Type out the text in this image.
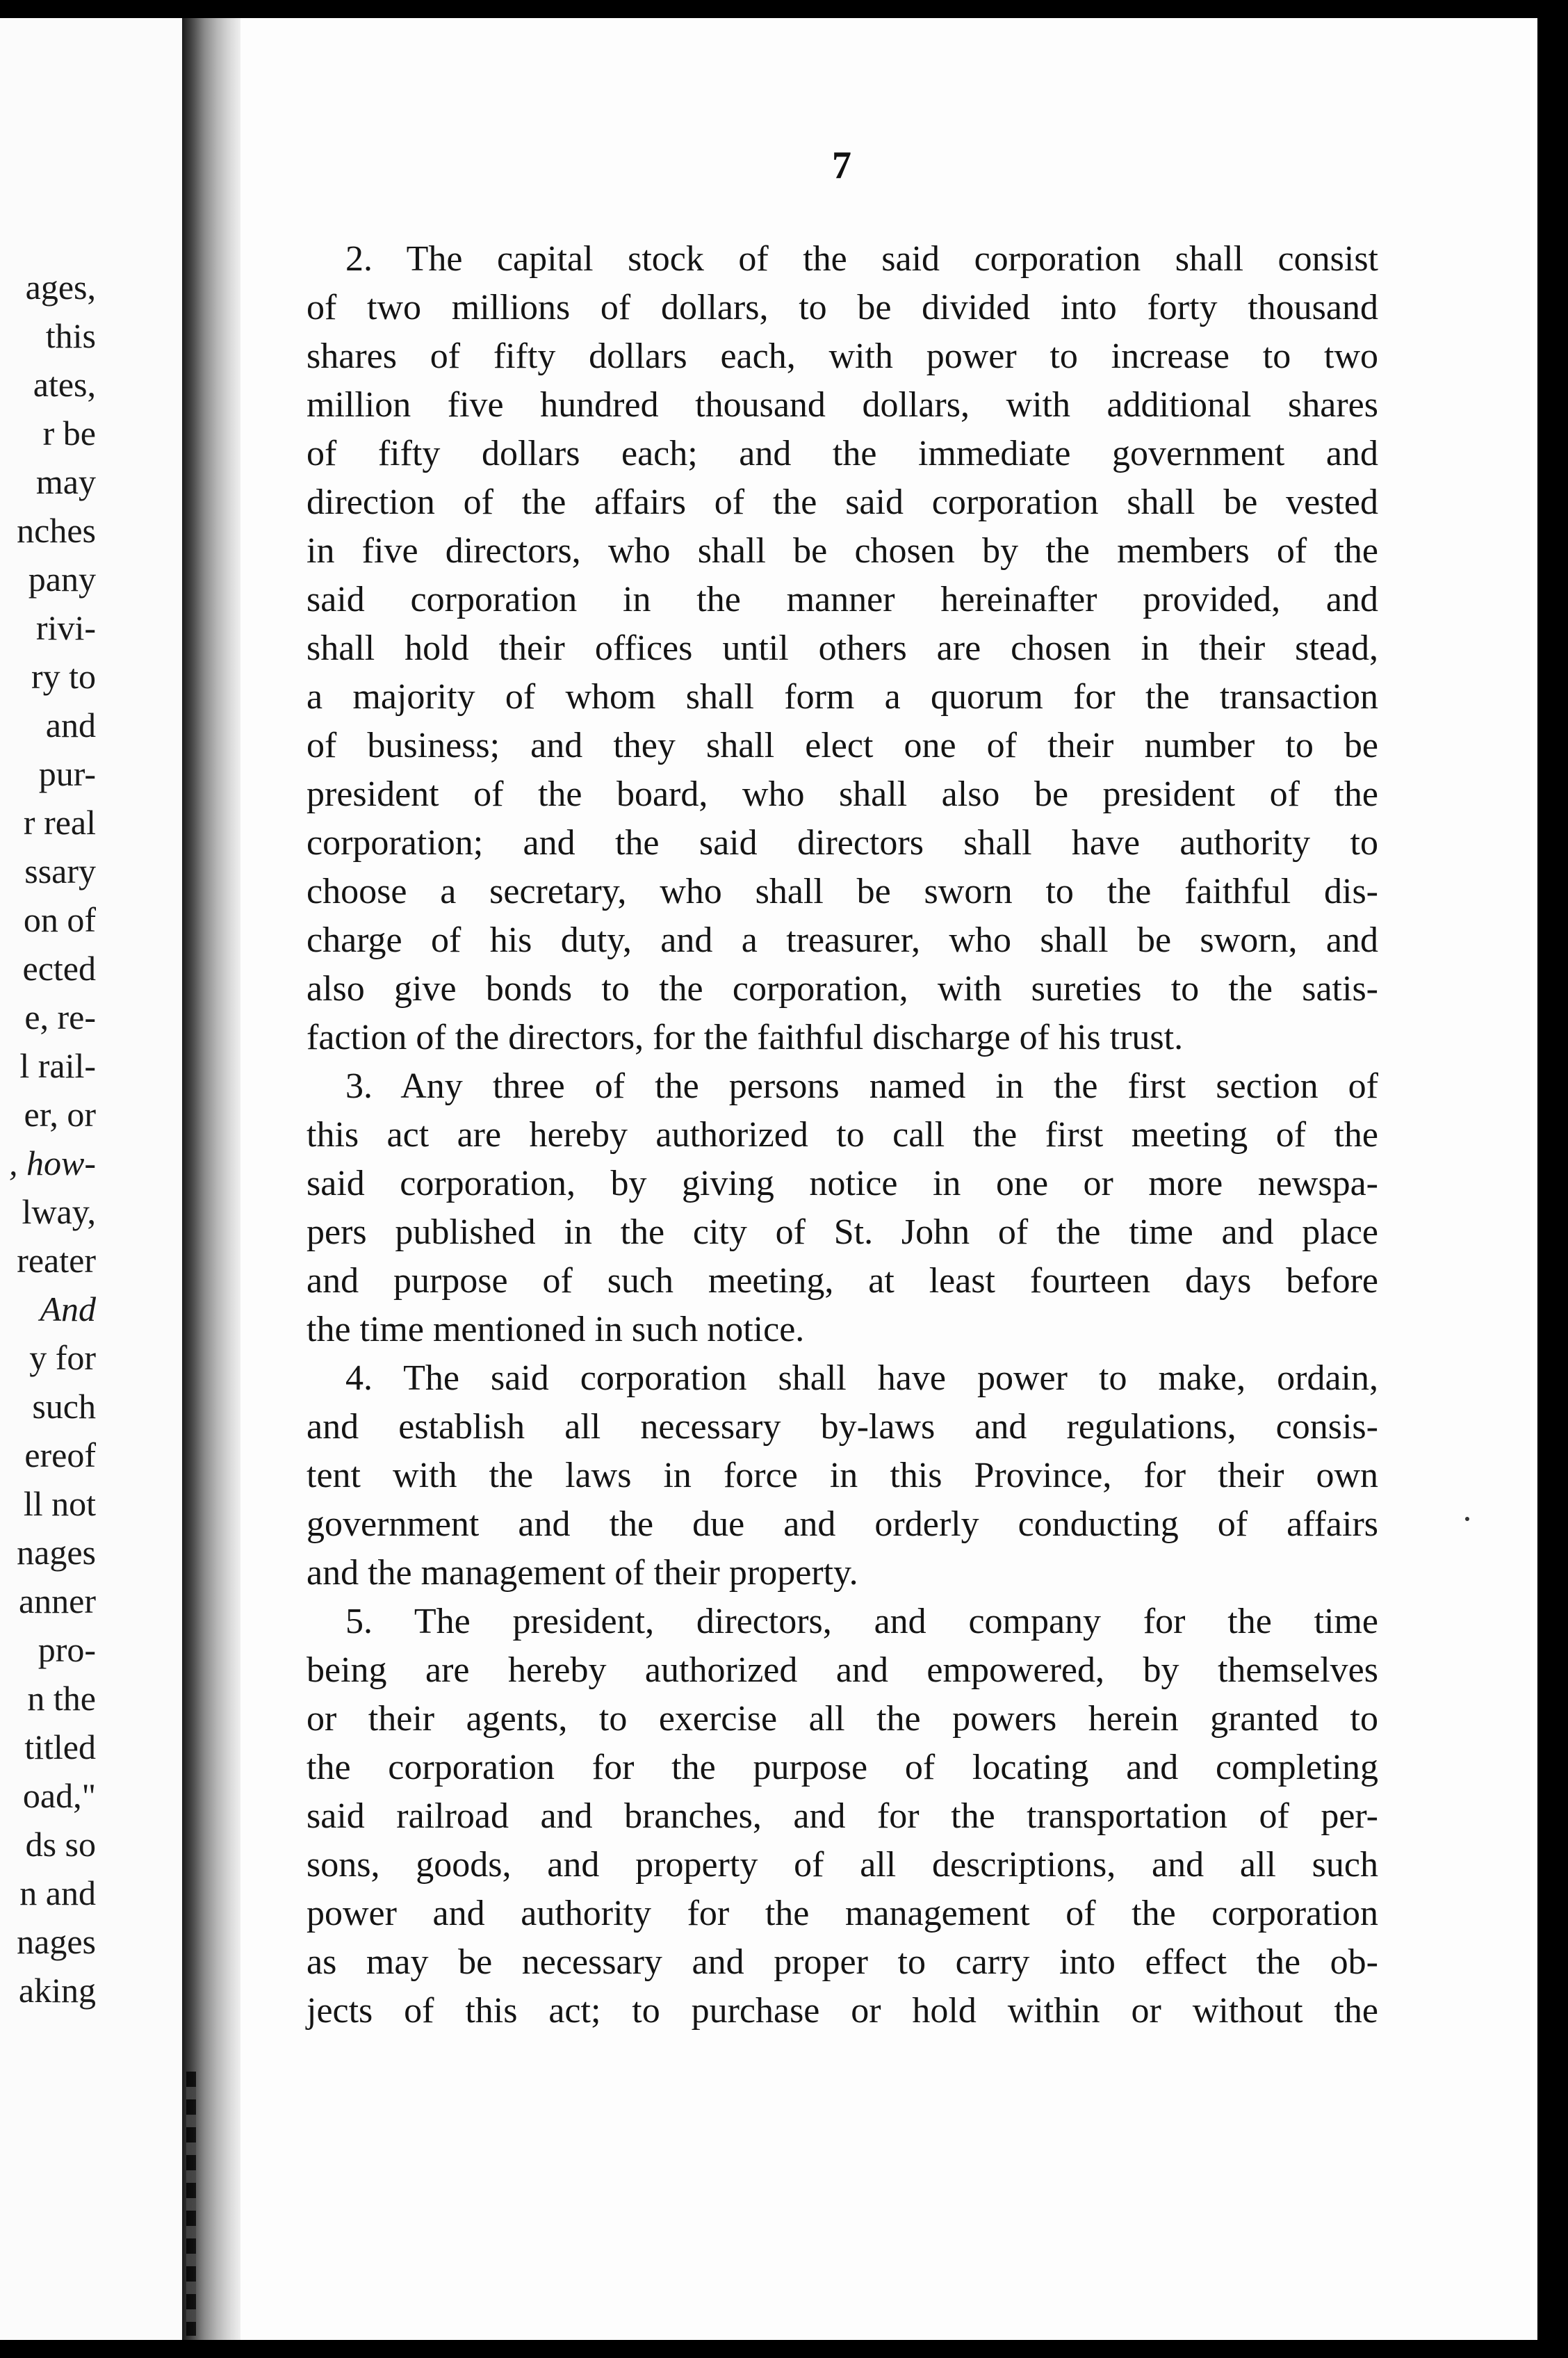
ages,
this
ates,
r be
may
nches
pany
rivi-
ry to
and
pur-
r real
ssary
on of
ected
e, re-
l rail-
er, or
, how-
lway,
reater
And
y for
such
ereof
ll not
nages
anner
pro-
n the
titled
oad,"
ds so
n and
nages
aking
7
2. The capital stock of the said corporation shall consist
of two millions of dollars, to be divided into forty thousand
shares of fifty dollars each, with power to increase to two
million five hundred thousand dollars, with additional shares
of fifty dollars each; and the immediate government and
direction of the affairs of the said corporation shall be vested
in five directors, who shall be chosen by the members of the
said corporation in the manner hereinafter provided, and
shall hold their offices until others are chosen in their stead,
a majority of whom shall form a quorum for the transaction
of business; and they shall elect one of their number to be
president of the board, who shall also be president of the
corporation; and the said directors shall have authority to
choose a secretary, who shall be sworn to the faithful dis-
charge of his duty, and a treasurer, who shall be sworn, and
also give bonds to the corporation, with sureties to the satis-
faction of the directors, for the faithful discharge of his trust.
3. Any three of the persons named in the first section of
this act are hereby authorized to call the first meeting of the
said corporation, by giving notice in one or more newspa-
pers published in the city of St. John of the time and place
and purpose of such meeting, at least fourteen days before
the time mentioned in such notice.
4. The said corporation shall have power to make, ordain,
and establish all necessary by-laws and regulations, consis-
tent with the laws in force in this Province, for their own
government and the due and orderly conducting of affairs
and the management of their property.
5. The president, directors, and company for the time
being are hereby authorized and empowered, by themselves
or their agents, to exercise all the powers herein granted to
the corporation for the purpose of locating and completing
said railroad and branches, and for the transportation of per-
sons, goods, and property of all descriptions, and all such
power and authority for the management of the corporation
as may be necessary and proper to carry into effect the ob-
jects of this act; to purchase or hold within or without the
